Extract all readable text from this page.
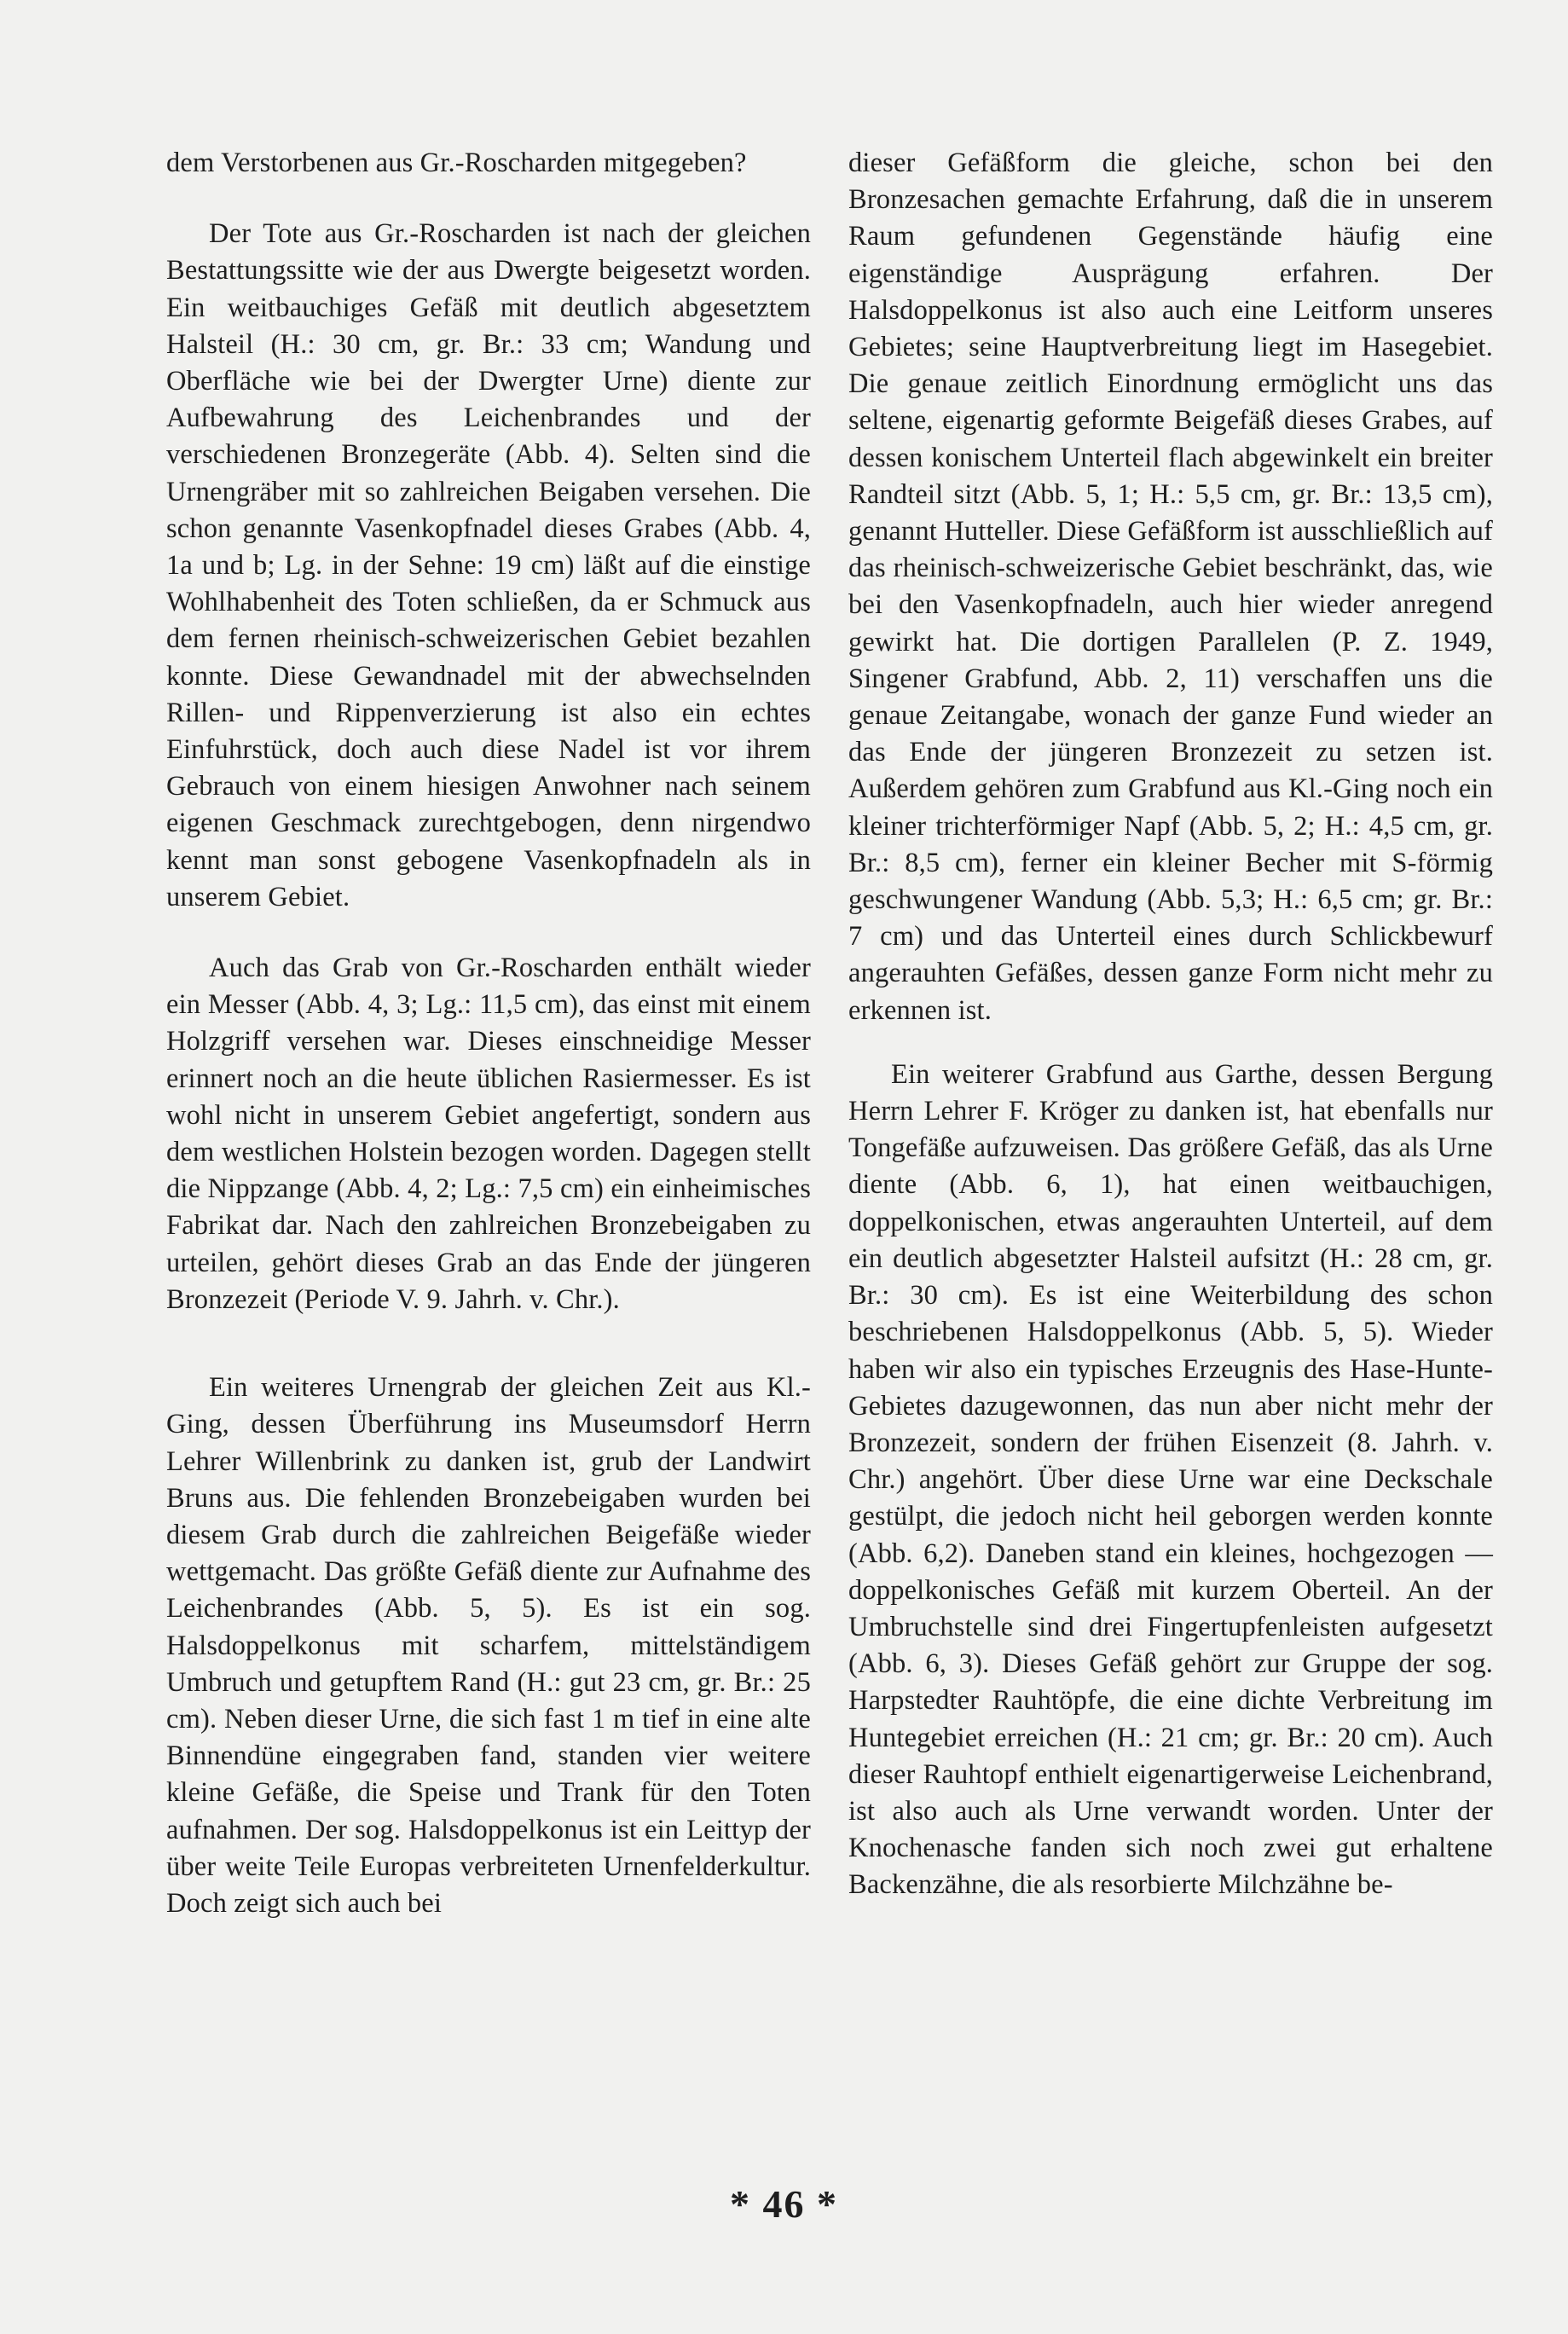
dem Verstorbenen aus Gr.-Roscharden mitgegeben?

Der Tote aus Gr.-Roscharden ist nach der gleichen Bestattungssitte wie der aus Dwergte beigesetzt worden. Ein weitbauchiges Gefäß mit deutlich abgesetztem Halsteil (H.: 30 cm, gr. Br.: 33 cm; Wandung und Oberfläche wie bei der Dwergter Urne) diente zur Aufbewahrung des Leichenbrandes und der verschiedenen Bronzegeräte (Abb. 4). Selten sind die Urnengräber mit so zahlreichen Beigaben versehen. Die schon genannte Vasenkopfnadel dieses Grabes (Abb. 4, 1a und b; Lg. in der Sehne: 19 cm) läßt auf die einstige Wohlhabenheit des Toten schließen, da er Schmuck aus dem fernen rheinisch-schweizerischen Gebiet bezahlen konnte. Diese Gewandnadel mit der abwechselnden Rillen- und Rippenverzierung ist also ein echtes Einfuhrstück, doch auch diese Nadel ist vor ihrem Gebrauch von einem hiesigen Anwohner nach seinem eigenen Geschmack zurechtgebogen, denn nirgendwo kennt man sonst gebogene Vasenkopfnadeln als in unserem Gebiet.

Auch das Grab von Gr.-Roscharden enthält wieder ein Messer (Abb. 4, 3; Lg.: 11,5 cm), das einst mit einem Holzgriff versehen war. Dieses einschneidige Messer erinnert noch an die heute üblichen Rasiermesser. Es ist wohl nicht in unserem Gebiet angefertigt, sondern aus dem westlichen Holstein bezogen worden. Dagegen stellt die Nippzange (Abb. 4, 2; Lg.: 7,5 cm) ein einheimisches Fabrikat dar. Nach den zahlreichen Bronzebeigaben zu urteilen, gehört dieses Grab an das Ende der jüngeren Bronzezeit (Periode V. 9. Jahrh. v. Chr.).

Ein weiteres Urnengrab der gleichen Zeit aus Kl.-Ging, dessen Überführung ins Museumsdorf Herrn Lehrer Willenbrink zu danken ist, grub der Landwirt Bruns aus. Die fehlenden Bronzebeigaben wurden bei diesem Grab durch die zahlreichen Beigefäße wieder wettgemacht. Das größte Gefäß diente zur Aufnahme des Leichenbrandes (Abb. 5, 5). Es ist ein sog. Halsdoppelkonus mit scharfem, mittelständigem Umbruch und getupftem Rand (H.: gut 23 cm, gr. Br.: 25 cm). Neben dieser Urne, die sich fast 1 m tief in eine alte Binnendüne eingegraben fand, standen vier weitere kleine Gefäße, die Speise und Trank für den Toten aufnahmen. Der sog. Halsdoppelkonus ist ein Leittyp der über weite Teile Europas verbreiteten Urnenfelderkultur. Doch zeigt sich auch bei

dieser Gefäßform die gleiche, schon bei den Bronzesachen gemachte Erfahrung, daß die in unserem Raum gefundenen Gegenstände häufig eine eigenständige Ausprägung erfahren. Der Halsdoppelkonus ist also auch eine Leitform unseres Gebietes; seine Hauptverbreitung liegt im Hasegebiet. Die genaue zeitlich Einordnung ermöglicht uns das seltene, eigenartig geformte Beigefäß dieses Grabes, auf dessen konischem Unterteil flach abgewinkelt ein breiter Randteil sitzt (Abb. 5, 1; H.: 5,5 cm, gr. Br.: 13,5 cm), genannt Hutteller. Diese Gefäßform ist ausschließlich auf das rheinisch-schweizerische Gebiet beschränkt, das, wie bei den Vasenkopfnadeln, auch hier wieder anregend gewirkt hat. Die dortigen Parallelen (P. Z. 1949, Singener Grabfund, Abb. 2, 11) verschaffen uns die genaue Zeitangabe, wonach der ganze Fund wieder an das Ende der jüngeren Bronzezeit zu setzen ist. Außerdem gehören zum Grabfund aus Kl.-Ging noch ein kleiner trichterförmiger Napf (Abb. 5, 2; H.: 4,5 cm, gr. Br.: 8,5 cm), ferner ein kleiner Becher mit S-förmig geschwungener Wandung (Abb. 5,3; H.: 6,5 cm; gr. Br.: 7 cm) und das Unterteil eines durch Schlickbewurf angerauhten Gefäßes, dessen ganze Form nicht mehr zu erkennen ist.

Ein weiterer Grabfund aus Garthe, dessen Bergung Herrn Lehrer F. Kröger zu danken ist, hat ebenfalls nur Tongefäße aufzuweisen. Das größere Gefäß, das als Urne diente (Abb. 6, 1), hat einen weitbauchigen, doppelkonischen, etwas angerauhten Unterteil, auf dem ein deutlich abgesetzter Halsteil aufsitzt (H.: 28 cm, gr. Br.: 30 cm). Es ist eine Weiterbildung des schon beschriebenen Halsdoppelkonus (Abb. 5, 5). Wieder haben wir also ein typisches Erzeugnis des Hase-Hunte-Gebietes dazugewonnen, das nun aber nicht mehr der Bronzezeit, sondern der frühen Eisenzeit (8. Jahrh. v. Chr.) angehört. Über diese Urne war eine Deckschale gestülpt, die jedoch nicht heil geborgen werden konnte (Abb. 6,2). Daneben stand ein kleines, hochgezogen — doppelkonisches Gefäß mit kurzem Oberteil. An der Umbruchstelle sind drei Fingertupfenleisten aufgesetzt (Abb. 6, 3). Dieses Gefäß gehört zur Gruppe der sog. Harpstedter Rauhtöpfe, die eine dichte Verbreitung im Huntegebiet erreichen (H.: 21 cm; gr. Br.: 20 cm). Auch dieser Rauhtopf enthielt eigenartigerweise Leichenbrand, ist also auch als Urne verwandt worden. Unter der Knochenasche fanden sich noch zwei gut erhaltene Backenzähne, die als resorbierte Milchzähne be-

* 46 *
